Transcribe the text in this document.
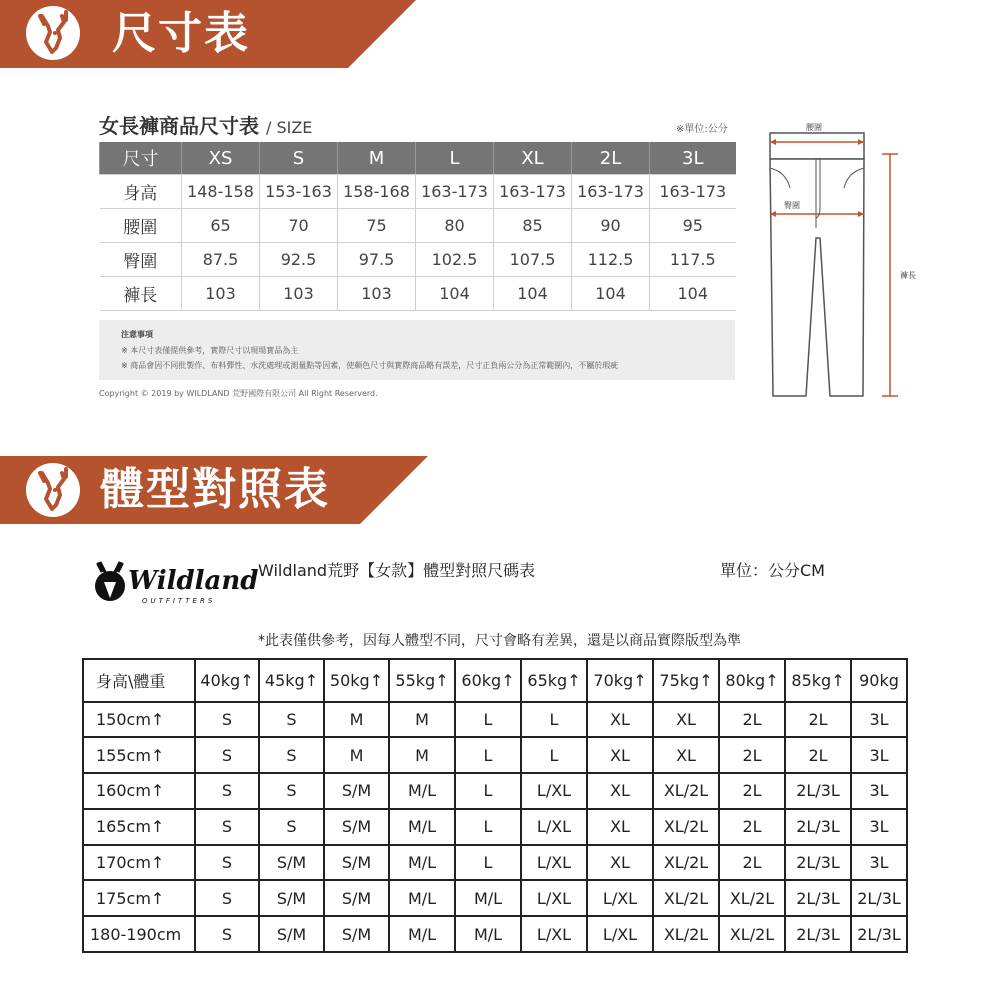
尺寸表
女長褲商品尺寸表 / SIZE	※單位:公分
尺寸	XS	S	M	L	XL	2L	3L
身高	148-158	153-163	158-168	163-173	163-173	163-173	163-173
腰圍	65	70	75	80	85	90	95
臀圍	87.5	92.5	97.5	102.5	107.5	112.5	117.5
褲長	103	103	103	104	104	104	104
注意事項
※ 本尺寸表僅提供參考，實際尺寸以現場實品為主
※ 商品會因不同批製作、布料彈性、水洗處理或測量點等因素，使顏色尺寸與實際商品略有誤差，尺寸正負兩公分為正常範圍內，不屬於瑕疵
Copyright © 2019 by WILDLAND 荒野國際有限公司 All Right Reserverd.
腰圍
臀圍
褲長
體型對照表
Wildland
OUTFITTERS
Wildland荒野【女款】體型對照尺碼表	單位：公分CM
*此表僅供參考，因每人體型不同，尺寸會略有差異，還是以商品實際版型為準
身高\體重	40kg↑	45kg↑	50kg↑	55kg↑	60kg↑	65kg↑	70kg↑	75kg↑	80kg↑	85kg↑	90kg
150cm↑	S	S	M	M	L	L	XL	XL	2L	2L	3L
155cm↑	S	S	M	M	L	L	XL	XL	2L	2L	3L
160cm↑	S	S	S/M	M/L	L	L/XL	XL	XL/2L	2L	2L/3L	3L
165cm↑	S	S	S/M	M/L	L	L/XL	XL	XL/2L	2L	2L/3L	3L
170cm↑	S	S/M	S/M	M/L	L	L/XL	XL	XL/2L	2L	2L/3L	3L
175cm↑	S	S/M	S/M	M/L	M/L	L/XL	L/XL	XL/2L	XL/2L	2L/3L	2L/3L
180-190cm	S	S/M	S/M	M/L	M/L	L/XL	L/XL	XL/2L	XL/2L	2L/3L	2L/3L
